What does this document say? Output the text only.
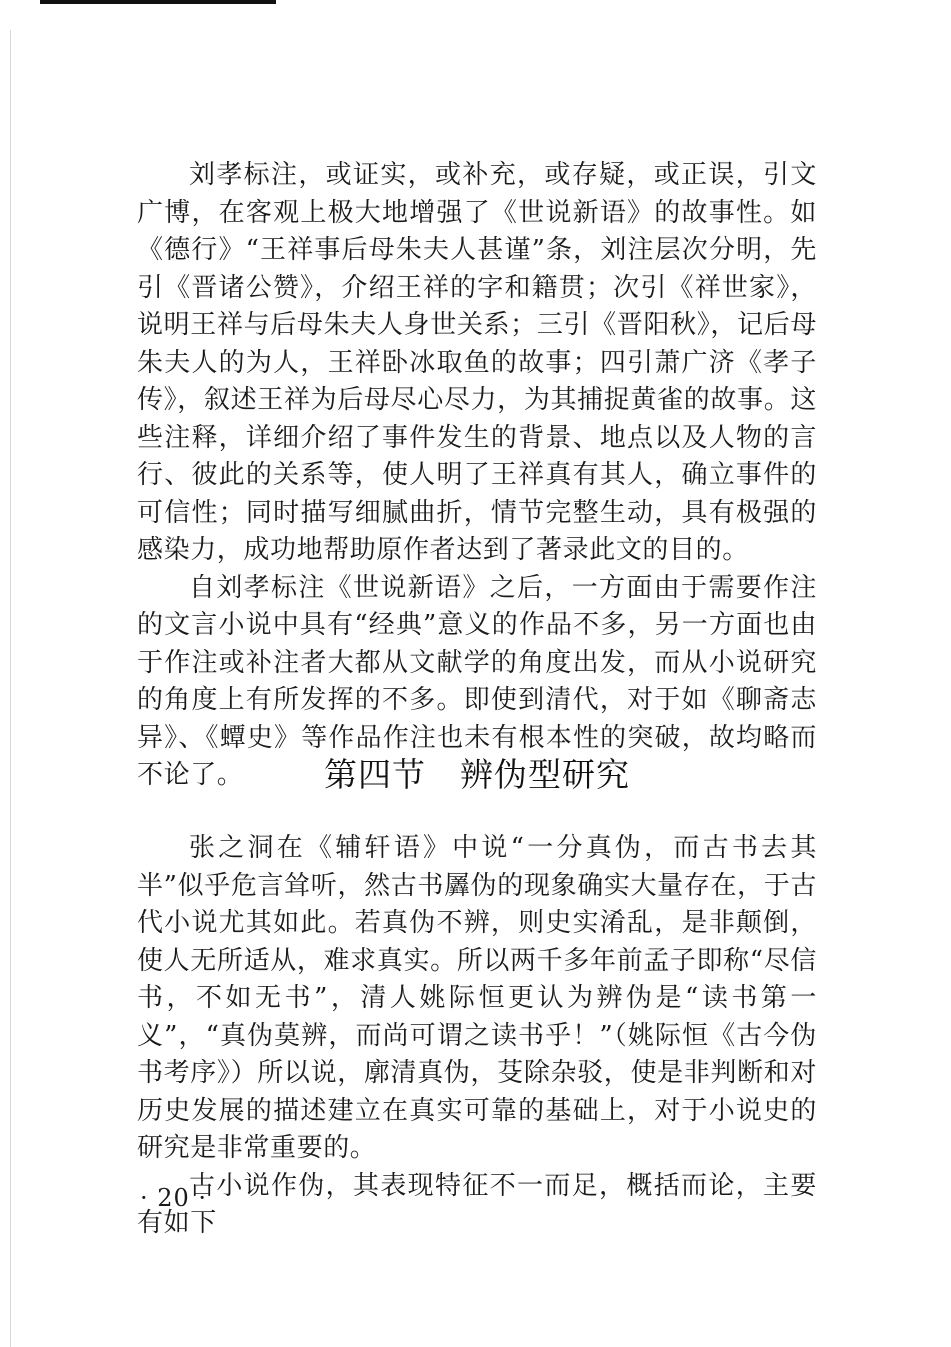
刘孝标注，或证实，或补充，或存疑，或正误，引文广博，在客观上极大地增强了《世说新语》的故事性。如《德行》“王祥事后母朱夫人甚谨”条，刘注层次分明，先引《晋诸公赞》，介绍王祥的字和籍贯；次引《祥世家》，说明王祥与后母朱夫人身世关系；三引《晋阳秋》，记后母朱夫人的为人，王祥卧冰取鱼的故事；四引萧广济《孝子传》，叙述王祥为后母尽心尽力，为其捕捉黄雀的故事。这些注释，详细介绍了事件发生的背景、地点以及人物的言行、彼此的关系等，使人明了王祥真有其人，确立事件的可信性；同时描写细腻曲折，情节完整生动，具有极强的感染力，成功地帮助原作者达到了著录此文的目的。

自刘孝标注《世说新语》之后，一方面由于需要作注的文言小说中具有“经典”意义的作品不多，另一方面也由于作注或补注者大都从文献学的角度出发，而从小说研究的角度上有所发挥的不多。即使到清代，对于如《聊斋志异》、《蟫史》等作品作注也未有根本性的突破，故均略而不论了。	第四节　辨伪型研究

张之洞在《辅轩语》中说“一分真伪，而古书去其半”似乎危言耸听，然古书羼伪的现象确实大量存在，于古代小说尤其如此。若真伪不辨，则史实淆乱，是非颠倒，使人无所适从，难求真实。所以两千多年前孟子即称“尽信书，不如无书”，清人姚际恒更认为辨伪是“读书第一义”，“真伪莫辨，而尚可谓之读书乎！”（姚际恒《古今伪书考序》）所以说，廓清真伪，芟除杂驳，使是非判断和对历史发展的描述建立在真实可靠的基础上，对于小说史的研究是非常重要的。

古小说作伪，其表现特征不一而足，概括而论，主要有如下

· 20 ·
